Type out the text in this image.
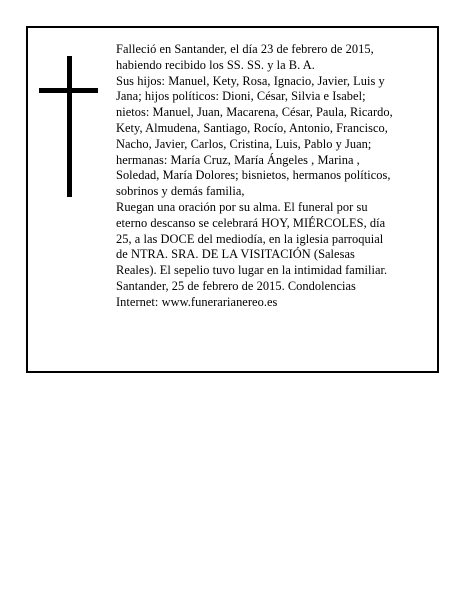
Falleció en Santander, el día 23 de febrero de 2015,

habiendo recibido los SS. SS. y la B. A.

Sus hijos: Manuel, Kety, Rosa, Ignacio, Javier, Luis y

Jana; hijos políticos: Dioni, César, Silvia e Isabel;

nietos: Manuel, Juan, Macarena, César, Paula, Ricardo,

Kety, Almudena, Santiago, Rocío, Antonio, Francisco,

Nacho, Javier, Carlos, Cristina, Luis, Pablo y Juan;

hermanas: María Cruz, María Ángeles , Marina ,

Soledad, María Dolores; bisnietos, hermanos políticos,

sobrinos y demás familia,

Ruegan una oración por su alma. El funeral por su

eterno descanso se celebrará HOY, MIÉRCOLES, día

25, a las DOCE del mediodía, en la iglesia parroquial

de NTRA. SRA. DE LA VISITACIÓN (Salesas

Reales). El sepelio tuvo lugar en la intimidad familiar.

Santander, 25 de febrero de 2015. Condolencias

Internet: www.funerarianereo.es
